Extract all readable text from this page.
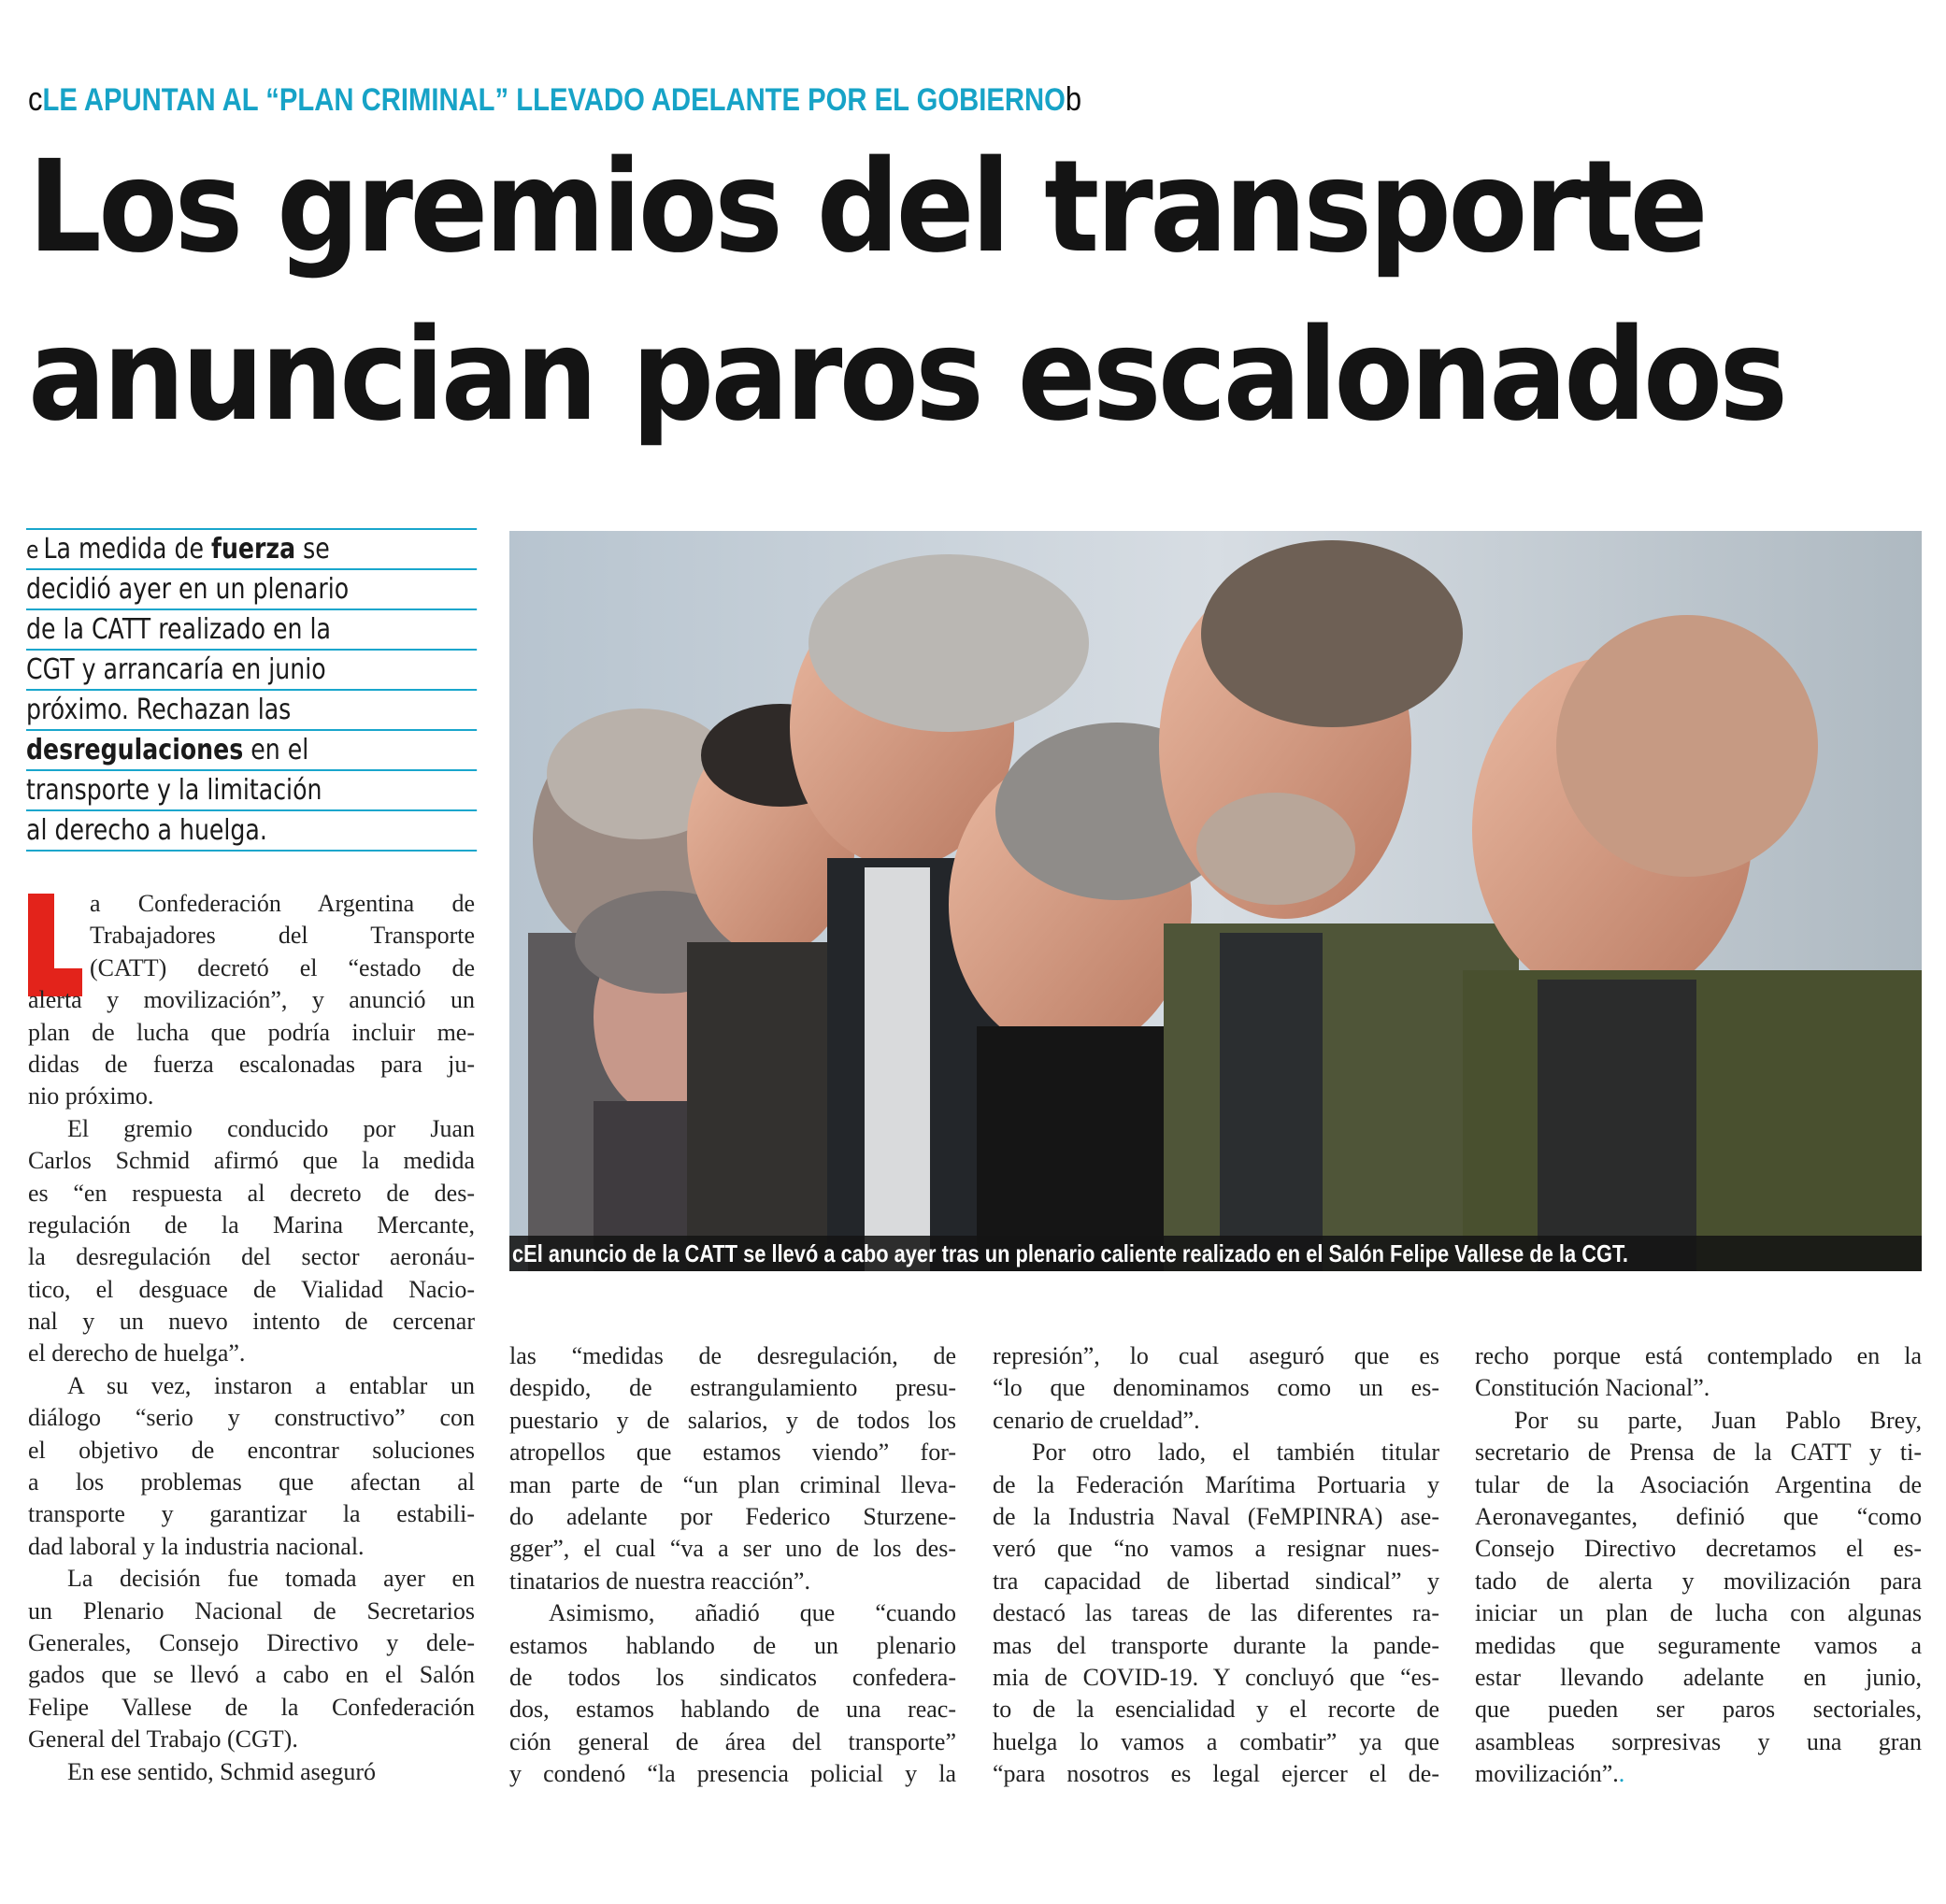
cLE APUNTAN AL “PLAN CRIMINAL” LLEVADO ADELANTE POR EL GOBIERNOb
Los gremios del transporte
anuncian paros escalonados
e La medida de fuerza se
decidió ayer en un plenario
de la CATT realizado en la
CGT y arrancaría en junio
próximo. Rechazan las
desregulaciones en el
transporte y la limitación
al derecho a huelga.
cEl anuncio de la CATT se llevó a cabo ayer tras un plenario caliente realizado en el Salón Felipe Vallese de la CGT.
a Confederación Argentina de
Trabajadores del Transporte
(CATT) decretó el “estado de
alerta y movilización”, y anunció un
plan de lucha que podría incluir me-
didas de fuerza escalonadas para ju-
nio próximo.
El gremio conducido por Juan
Carlos Schmid afirmó que la medida
es “en respuesta al decreto de des-
regulación de la Marina Mercante,
la desregulación del sector aeronáu-
tico, el desguace de Vialidad Nacio-
nal y un nuevo intento de cercenar
el derecho de huelga”.
A su vez, instaron a entablar un
diálogo “serio y constructivo” con
el objetivo de encontrar soluciones
a los problemas que afectan al
transporte y garantizar la estabili-
dad laboral y la industria nacional.
La decisión fue tomada ayer en
un Plenario Nacional de Secretarios
Generales, Consejo Directivo y dele-
gados que se llevó a cabo en el Salón
Felipe Vallese de la Confederación
General del Trabajo (CGT).
En ese sentido, Schmid aseguró
las “medidas de desregulación, de
despido, de estrangulamiento presu-
puestario y de salarios, y de todos los
atropellos que estamos viendo” for-
man parte de “un plan criminal lleva-
do adelante por Federico Sturzene-
gger”, el cual “va a ser uno de los des-
tinatarios de nuestra reacción”.
Asimismo, añadió que “cuando
estamos hablando de un plenario
de todos los sindicatos confedera-
dos, estamos hablando de una reac-
ción general de área del transporte”
y condenó “la presencia policial y la
represión”, lo cual aseguró que es
“lo que denominamos como un es-
cenario de crueldad”.
Por otro lado, el también titular
de la Federación Marítima Portuaria y
de la Industria Naval (FeMPINRA) ase-
veró que “no vamos a resignar nues-
tra capacidad de libertad sindical” y
destacó las tareas de las diferentes ra-
mas del transporte durante la pande-
mia de COVID-19. Y concluyó que “es-
to de la esencialidad y el recorte de
huelga lo vamos a combatir” ya que
“para nosotros es legal ejercer el de-
recho porque está contemplado en la
Constitución Nacional”.
Por su parte, Juan Pablo Brey,
secretario de Prensa de la CATT y ti-
tular de la Asociación Argentina de
Aeronavegantes, definió que “como
Consejo Directivo decretamos el es-
tado de alerta y movilización para
iniciar un plan de lucha con algunas
medidas que seguramente vamos a
estar llevando adelante en junio,
que pueden ser paros sectoriales,
asambleas sorpresivas y una gran
movilización”..
